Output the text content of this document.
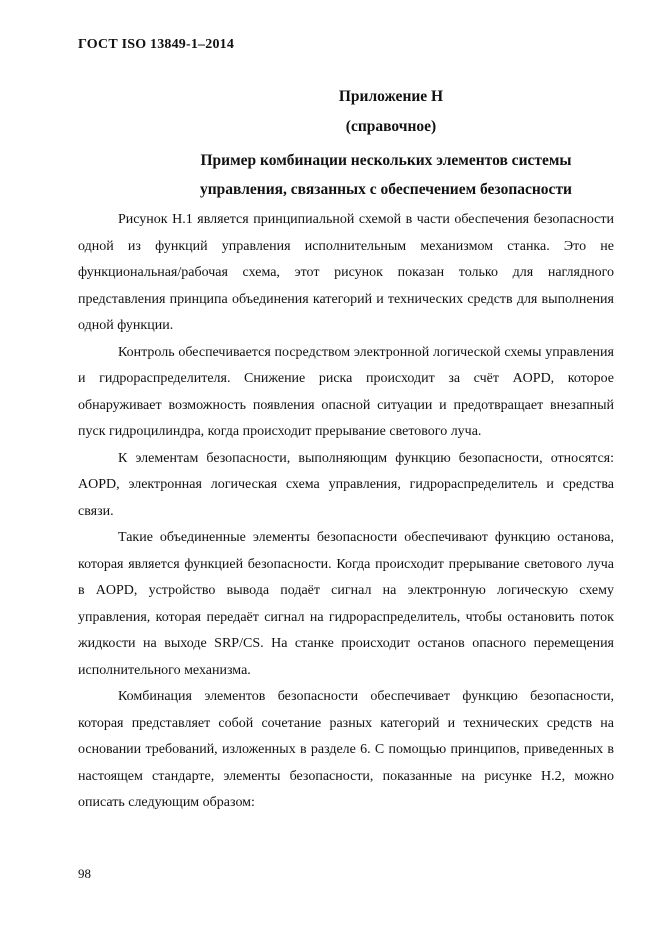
ГОСТ ISO 13849-1–2014
Приложение Н
(справочное)
Пример комбинации нескольких элементов системы
управления, связанных с обеспечением безопасности

Рисунок Н.1 является принципиальной схемой в части обеспечения безопасности одной из функций управления исполнительным механизмом станка. Это не функциональная/рабочая схема, этот рисунок показан только для наглядного представления принципа объединения категорий и технических средств для выполнения одной функции.

Контроль обеспечивается посредством электронной логической схемы управления и гидрораспределителя. Снижение риска происходит за счёт AOPD, которое обнаруживает возможность появления опасной ситуации и предотвращает внезапный пуск гидроцилиндра, когда происходит прерывание светового луча.

К элементам безопасности, выполняющим функцию безопасности, относятся: AOPD, электронная логическая схема управления, гидрораспределитель и средства связи.

Такие объединенные элементы безопасности обеспечивают функцию останова, которая является функцией безопасности. Когда происходит прерывание светового луча в AOPD, устройство вывода подаёт сигнал на электронную логическую схему управления, которая передаёт сигнал на гидрораспределитель, чтобы остановить поток жидкости на выходе SRP/CS. На станке происходит останов опасного перемещения исполнительного механизма.

Комбинация элементов безопасности обеспечивает функцию безопасности, которая представляет собой сочетание разных категорий и технических средств на основании требований, изложенных в разделе 6. С помощью принципов, приведенных в настоящем стандарте, элементы безопасности, показанные на рисунке Н.2, можно описать следующим образом:

98
